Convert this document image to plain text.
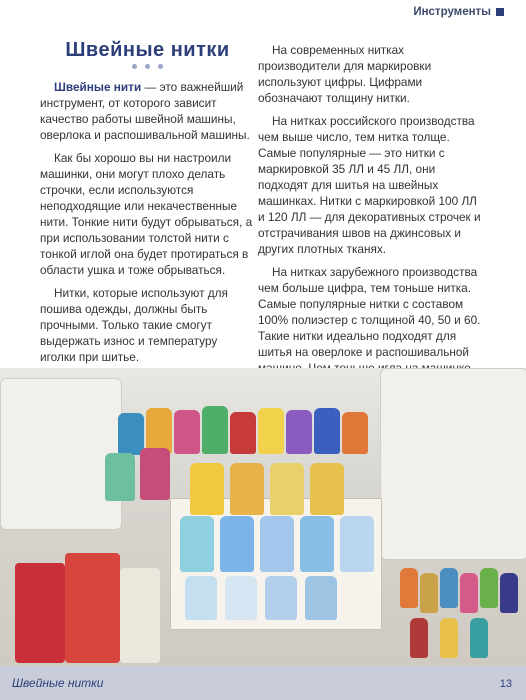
Инструменты
Швейные нитки

Швейные нити — это важнейший инструмент, от которого зависит качество работы швейной машины, оверлока и распошивальной машины.

Как бы хорошо вы ни настроили машинки, они могут плохо делать строчки, если используются неподходящие или некачественные нити. Тонкие нити будут обрываться, а при использовании толстой нити с тонкой иглой она будет протираться в области ушка и тоже обрываться.

Нитки, которые используют для пошива одежды, должны быть прочными. Только такие смогут выдержать износ и температуру иголки при шитье.

На современных нитках производители для маркировки используют цифры. Цифрами обозначают толщину нитки.

На нитках российского производства чем выше число, тем нитка толще. Самые популярные — это нитки с маркировкой 35 ЛЛ и 45 ЛЛ, они подходят для шитья на швейных машинках. Нитки с маркировкой 100 ЛЛ и 120 ЛЛ — для декоративных строчек и отстрачивания швов на джинсовых и других плотных тканях.

На нитках зарубежного производства чем больше цифра, тем тоньше нитка. Самые популярные нитки с составом 100% полиэстер с толщиной 40, 50 и 60. Такие нитки идеально подходят для шитья на оверлоке и распошивальной

Швейные нитки	13
